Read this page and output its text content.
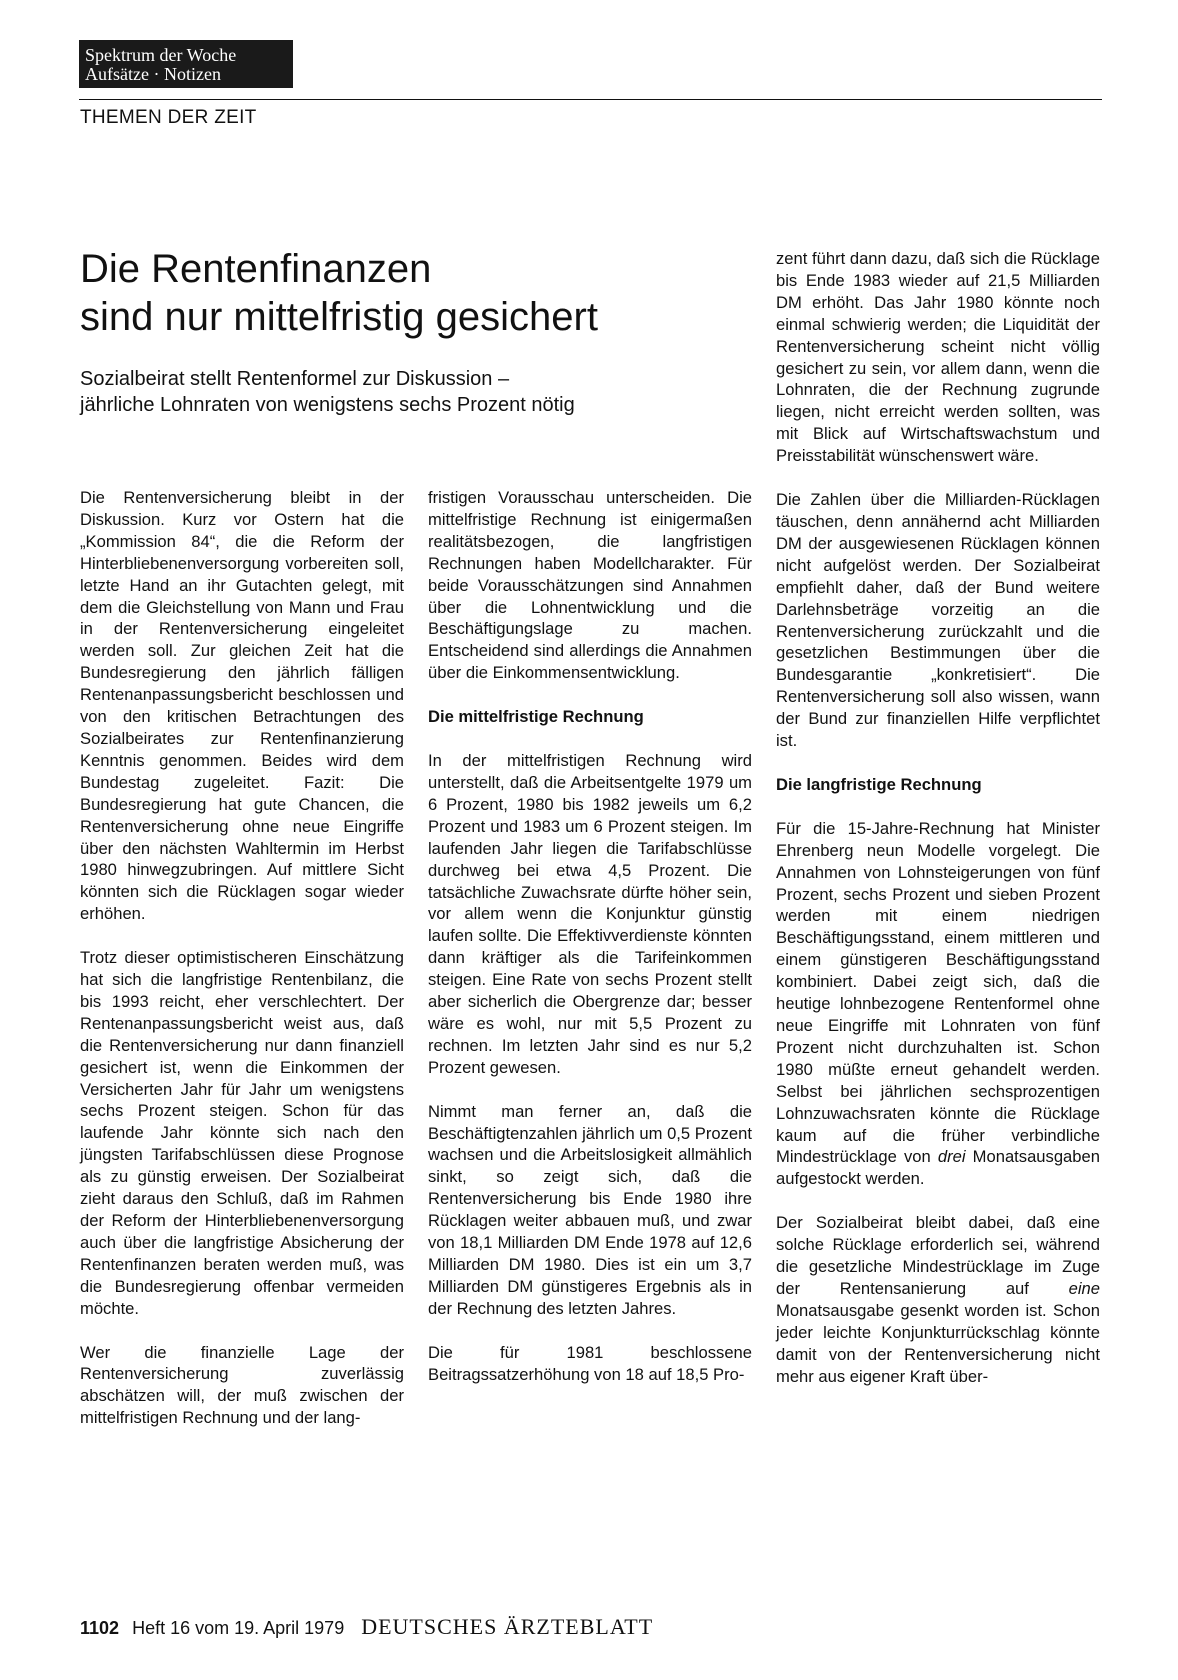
Spektrum der Woche
Aufsätze · Notizen
THEMEN DER ZEIT
Die Rentenfinanzen
sind nur mittelfristig gesichert
Sozialbeirat stellt Rentenformel zur Diskussion –
jährliche Lohnraten von wenigstens sechs Prozent nötig

Die Rentenversicherung bleibt in der Diskussion. Kurz vor Ostern hat die „Kommission 84“, die die Reform der Hinterbliebenenversorgung vorbereiten soll, letzte Hand an ihr Gutachten gelegt, mit dem die Gleichstellung von Mann und Frau in der Rentenversicherung eingeleitet werden soll. Zur gleichen Zeit hat die Bundesregierung den jährlich fälligen Rentenanpassungsbericht beschlossen und von den kritischen Betrachtungen des Sozialbeirates zur Rentenfinanzierung Kenntnis genommen. Beides wird dem Bundestag zugeleitet. Fazit: Die Bundesregierung hat gute Chancen, die Rentenversicherung ohne neue Eingriffe über den nächsten Wahltermin im Herbst 1980 hinwegzubringen. Auf mittlere Sicht könnten sich die Rücklagen sogar wieder erhöhen.

Trotz dieser optimistischeren Einschätzung hat sich die langfristige Rentenbilanz, die bis 1993 reicht, eher verschlechtert. Der Rentenanpassungsbericht weist aus, daß die Rentenversicherung nur dann finanziell gesichert ist, wenn die Einkommen der Versicherten Jahr für Jahr um wenigstens sechs Prozent steigen. Schon für das laufende Jahr könnte sich nach den jüngsten Tarifabschlüssen diese Prognose als zu günstig erweisen. Der Sozialbeirat zieht daraus den Schluß, daß im Rahmen der Reform der Hinterbliebenenversorgung auch über die langfristige Absicherung der Rentenfinanzen beraten werden muß, was die Bundesregierung offenbar vermeiden möchte.

Wer die finanzielle Lage der Rentenversicherung zuverlässig abschätzen will, der muß zwischen der mittelfristigen Rechnung und der lang-

fristigen Vorausschau unterscheiden. Die mittelfristige Rechnung ist einigermaßen realitätsbezogen, die langfristigen Rechnungen haben Modellcharakter. Für beide Vorausschätzungen sind Annahmen über die Lohnentwicklung und die Beschäftigungslage zu machen. Entscheidend sind allerdings die Annahmen über die Einkommensentwicklung.

Die mittelfristige Rechnung

In der mittelfristigen Rechnung wird unterstellt, daß die Arbeitsentgelte 1979 um 6 Prozent, 1980 bis 1982 jeweils um 6,2 Prozent und 1983 um 6 Prozent steigen. Im laufenden Jahr liegen die Tarifabschlüsse durchweg bei etwa 4,5 Prozent. Die tatsächliche Zuwachsrate dürfte höher sein, vor allem wenn die Konjunktur günstig laufen sollte. Die Effektivverdienste könnten dann kräftiger als die Tarifeinkommen steigen. Eine Rate von sechs Prozent stellt aber sicherlich die Obergrenze dar; besser wäre es wohl, nur mit 5,5 Prozent zu rechnen. Im letzten Jahr sind es nur 5,2 Prozent gewesen.

Nimmt man ferner an, daß die Beschäftigtenzahlen jährlich um 0,5 Prozent wachsen und die Arbeitslosigkeit allmählich sinkt, so zeigt sich, daß die Rentenversicherung bis Ende 1980 ihre Rücklagen weiter abbauen muß, und zwar von 18,1 Milliarden DM Ende 1978 auf 12,6 Milliarden DM 1980. Dies ist ein um 3,7 Milliarden DM günstigeres Ergebnis als in der Rechnung des letzten Jahres.

Die für 1981 beschlossene Beitragssatzerhöhung von 18 auf 18,5 Pro-

zent führt dann dazu, daß sich die Rücklage bis Ende 1983 wieder auf 21,5 Milliarden DM erhöht. Das Jahr 1980 könnte noch einmal schwierig werden; die Liquidität der Rentenversicherung scheint nicht völlig gesichert zu sein, vor allem dann, wenn die Lohnraten, die der Rechnung zugrunde liegen, nicht erreicht werden sollten, was mit Blick auf Wirtschaftswachstum und Preisstabilität wünschenswert wäre.

Die Zahlen über die Milliarden-Rücklagen täuschen, denn annähernd acht Milliarden DM der ausgewiesenen Rücklagen können nicht aufgelöst werden. Der Sozialbeirat empfiehlt daher, daß der Bund weitere Darlehnsbeträge vorzeitig an die Rentenversicherung zurückzahlt und die gesetzlichen Bestimmungen über die Bundesgarantie „konkretisiert“. Die Rentenversicherung soll also wissen, wann der Bund zur finanziellen Hilfe verpflichtet ist.

Die langfristige Rechnung

Für die 15-Jahre-Rechnung hat Minister Ehrenberg neun Modelle vorgelegt. Die Annahmen von Lohnsteigerungen von fünf Prozent, sechs Prozent und sieben Prozent werden mit einem niedrigen Beschäftigungsstand, einem mittleren und einem günstigeren Beschäftigungsstand kombiniert. Dabei zeigt sich, daß die heutige lohnbezogene Rentenformel ohne neue Eingriffe mit Lohnraten von fünf Prozent nicht durchzuhalten ist. Schon 1980 müßte erneut gehandelt werden. Selbst bei jährlichen sechsprozentigen Lohnzuwachsraten könnte die Rücklage kaum auf die früher verbindliche Mindestrücklage von drei Monatsausgaben aufgestockt werden.

Der Sozialbeirat bleibt dabei, daß eine solche Rücklage erforderlich sei, während die gesetzliche Mindestrücklage im Zuge der Rentensanierung auf eine Monatsausgabe gesenkt worden ist. Schon jeder leichte Konjunkturrückschlag könnte damit von der Rentenversicherung nicht mehr aus eigener Kraft über-

1102 Heft 16 vom 19. April 1979 DEUTSCHES ÄRZTEBLATT
